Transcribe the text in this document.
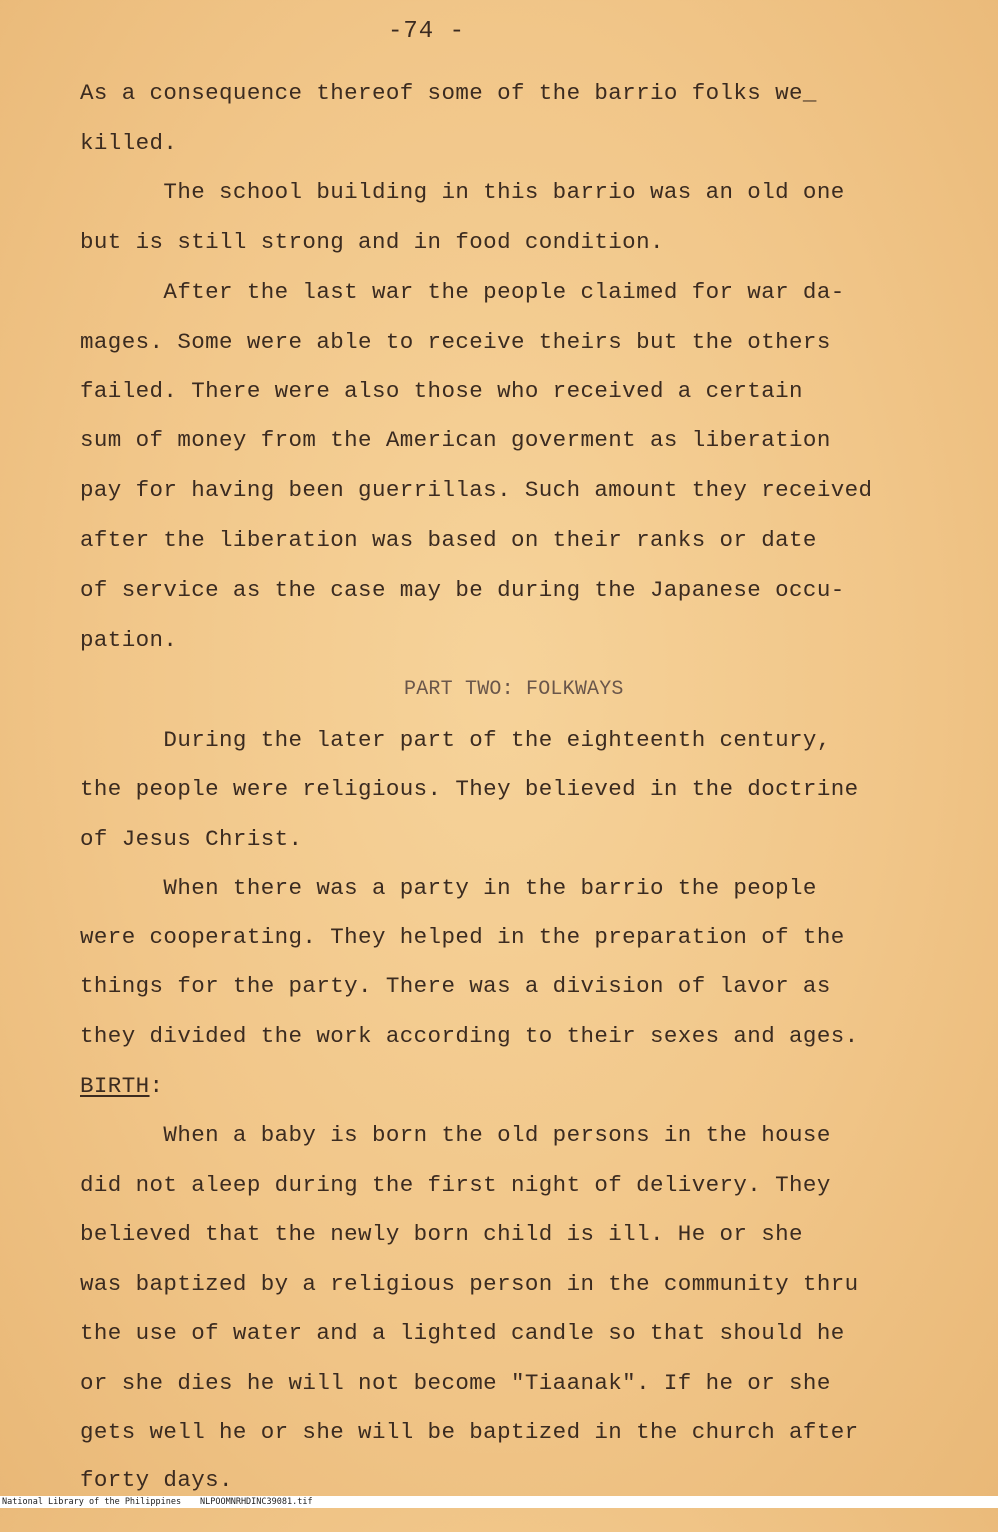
-74 -
As a consequence thereof some of the barrio folks we_
killed.
The school building in this barrio was an old one
but is still strong and in food condition.
After the last war the people claimed for war da-
mages. Some were able to receive theirs but the others
failed. There were also those who received a certain
sum of money from the American goverment as liberation
pay for having been guerrillas. Such amount they received
after the liberation was based on their ranks or date
of service as the case may be during the Japanese occu-
pation.
PART TWO: FOLKWAYS
During the later part of the eighteenth century,
the people were religious. They believed in the doctrine
of Jesus Christ.
When there was a party in the barrio the people
were cooperating. They helped in the preparation of the
things for the party. There was a division of lavor as
they divided the work according to their sexes and ages.
BIRTH:
When a baby is born the old persons in the house
did not aleep during the first night of delivery. They
believed that the newly born child is ill. He or she
was baptized by a religious person in the community thru
the use of water and a lighted candle so that should he
or she dies he will not become "Tiaanak". If he or she
gets well he or she will be baptized in the church after
forty days.

National Library of the Philippines

NLPOOMNRHDINC39081.tif
